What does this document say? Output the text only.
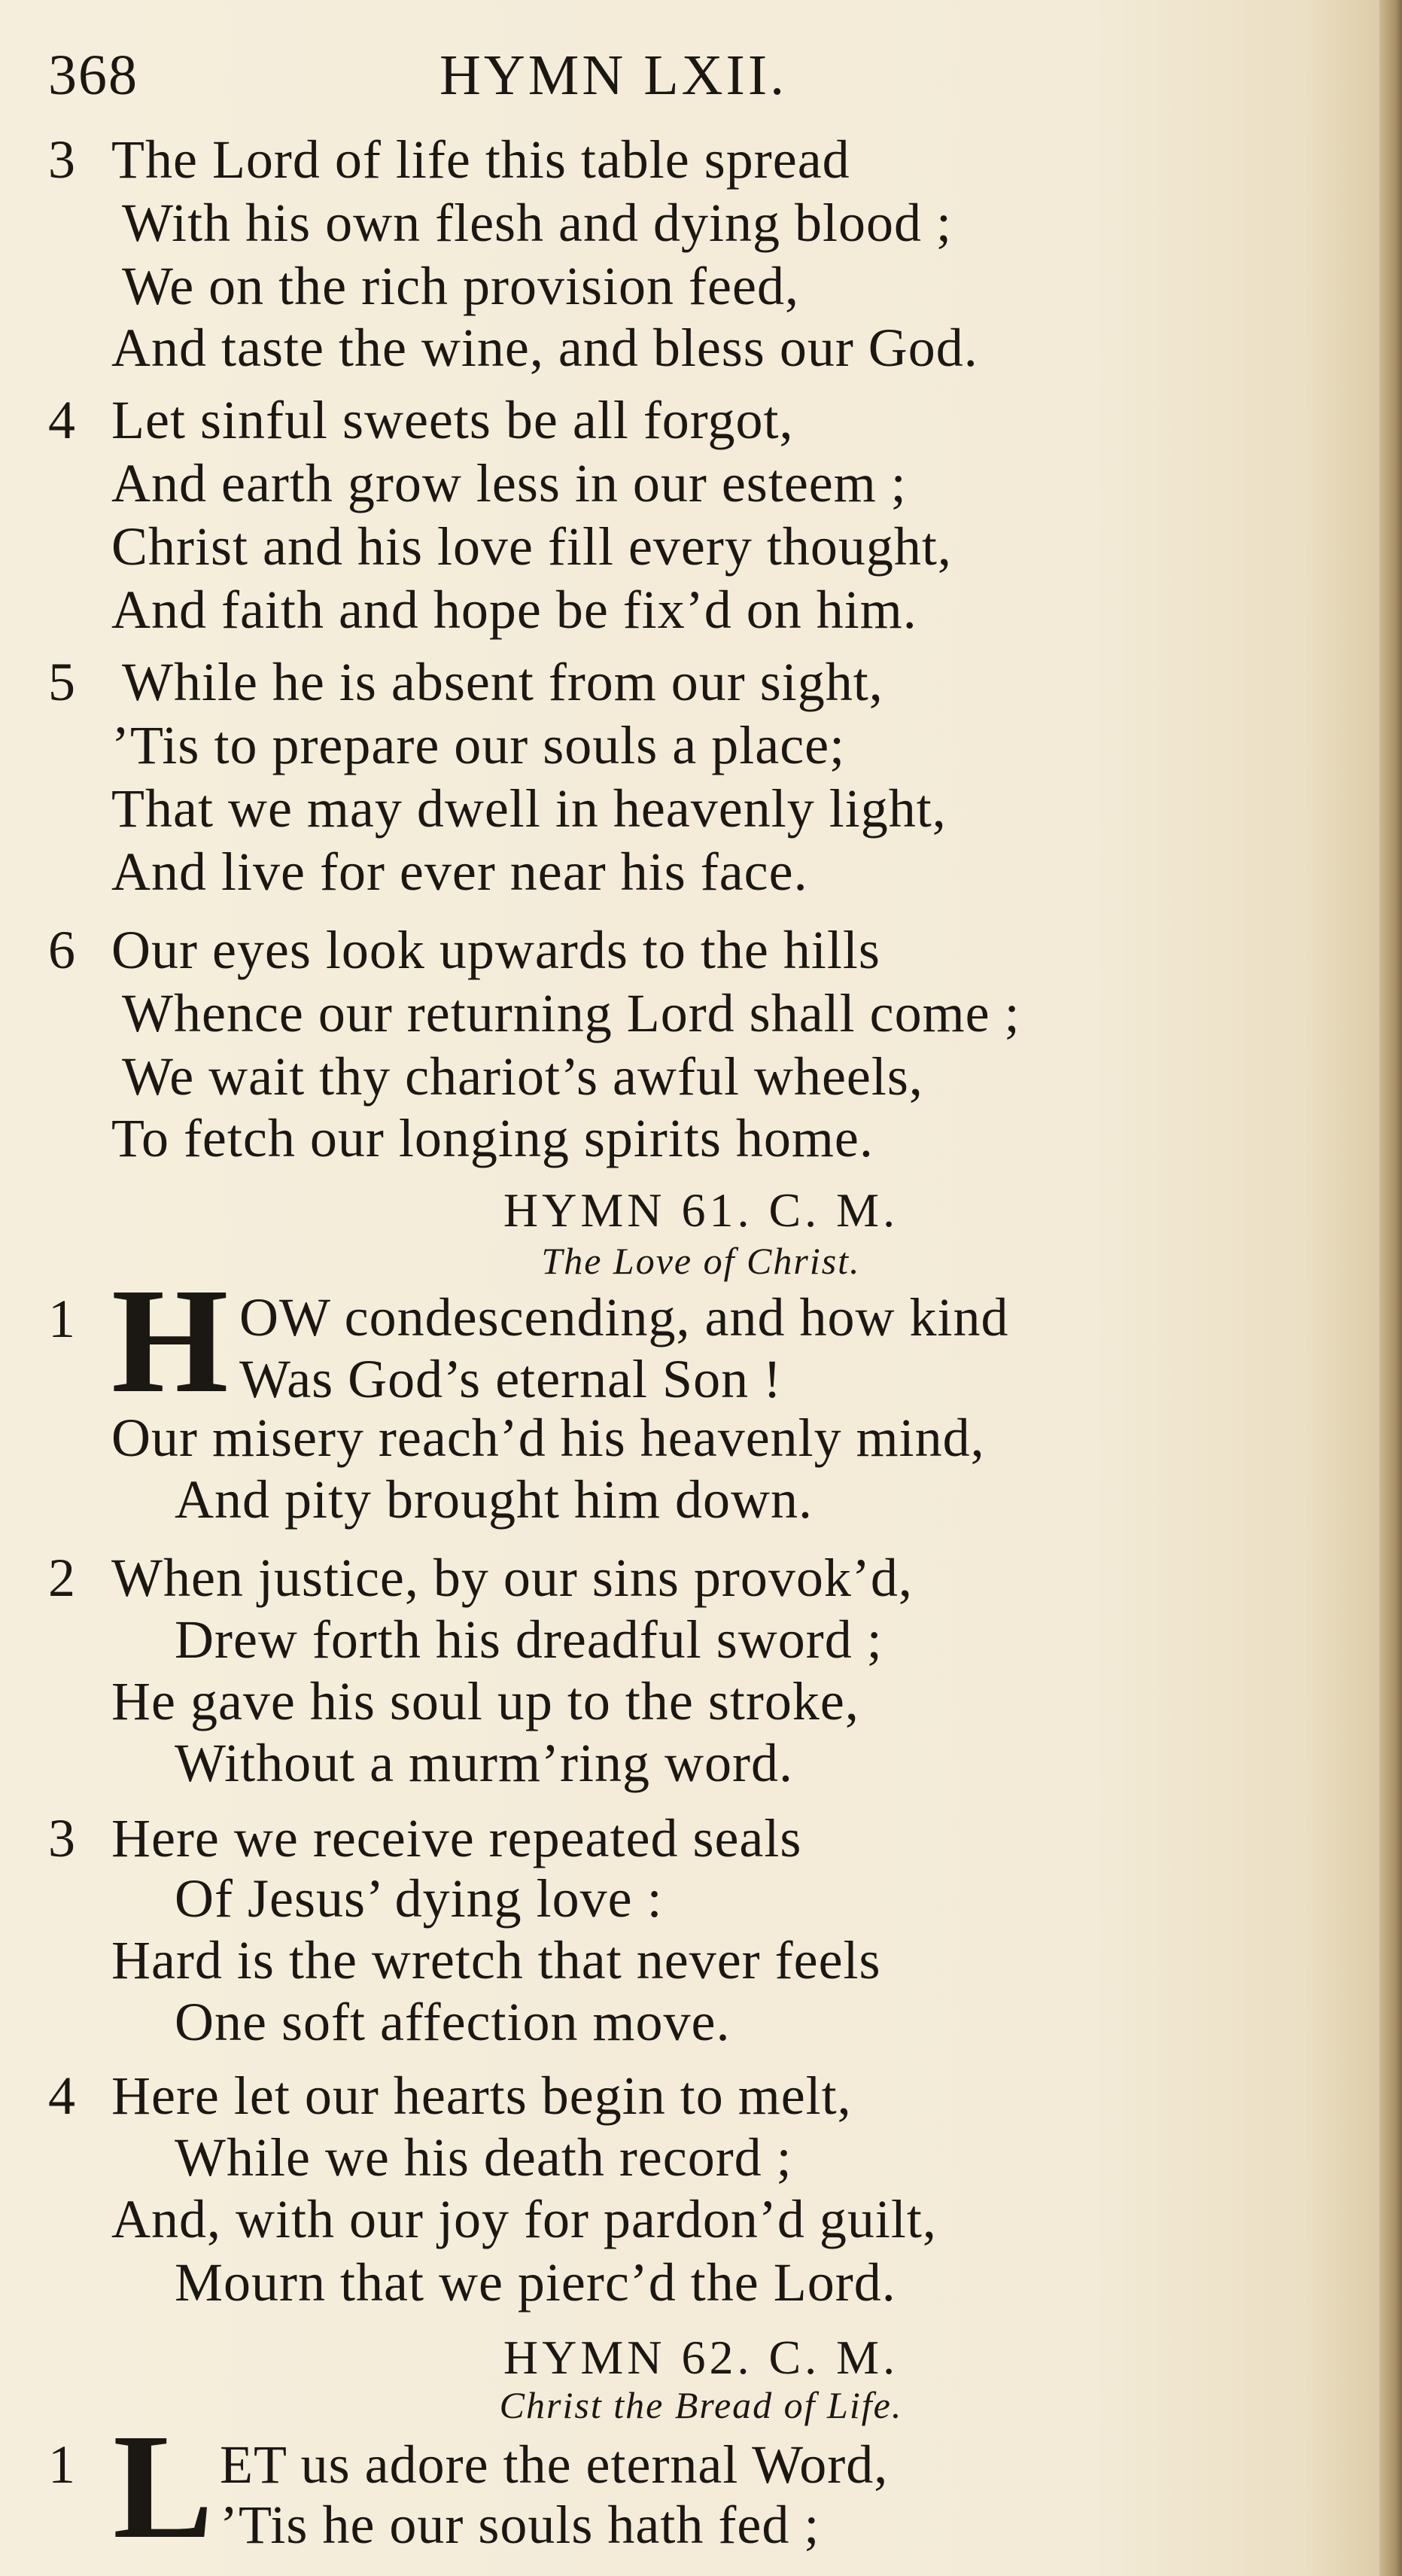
368	HYMN LXII.
3 The Lord of life this table spread
With his own flesh and dying blood ;
We on the rich provision feed,
And taste the wine, and bless our God.
4 Let sinful sweets be all forgot,
And earth grow less in our esteem ;
Christ and his love fill every thought,
And faith and hope be fix’d on him.
5 While he is absent from our sight,
’Tis to prepare our souls a place;
That we may dwell in heavenly light,
And live for ever near his face.
6 Our eyes look upwards to the hills
Whence our returning Lord shall come ;
We wait thy chariot’s awful wheels,
To fetch our longing spirits home.
HYMN 61. C. M.
The Love of Christ.
1 H OW condescending, and how kind
Was God’s eternal Son !
Our misery reach’d his heavenly mind,
And pity brought him down.
2 When justice, by our sins provok’d,
Drew forth his dreadful sword ;
He gave his soul up to the stroke,
Without a murm’ring word.
3 Here we receive repeated seals
Of Jesus’ dying love :
Hard is the wretch that never feels
One soft affection move.
4 Here let our hearts begin to melt,
While we his death record ;
And, with our joy for pardon’d guilt,
Mourn that we pierc’d the Lord.
HYMN 62. C. M.
Christ the Bread of Life.
1 L ET us adore the eternal Word,
’Tis he our souls hath fed ;
